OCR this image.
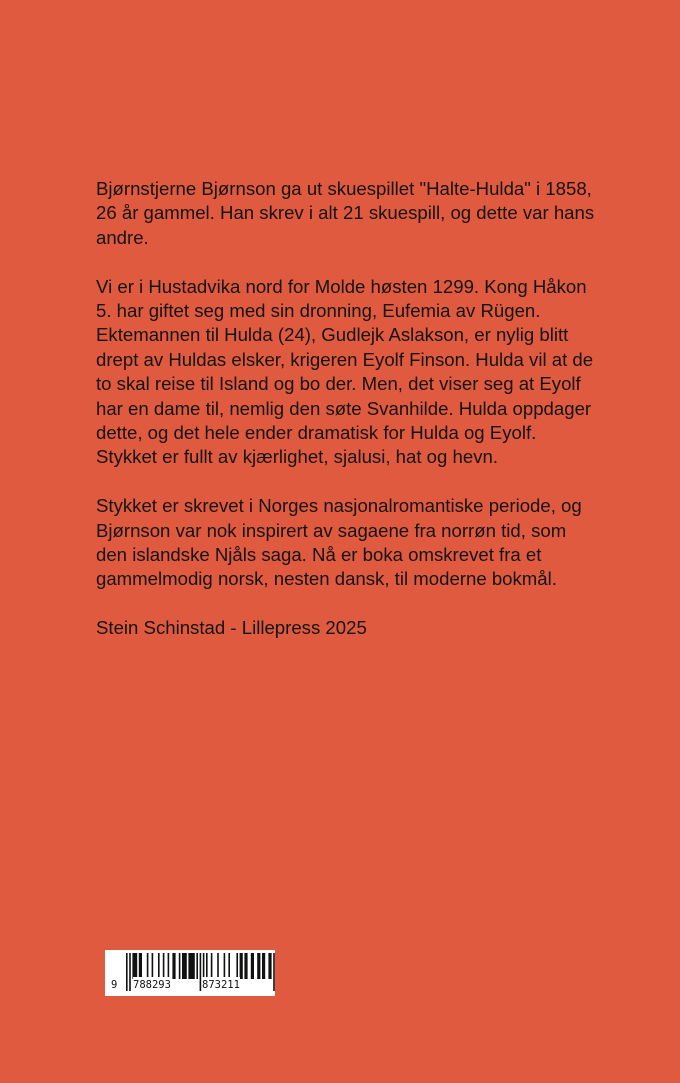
Bjørnstjerne Bjørnson ga ut skuespillet "Halte-Hulda" i 1858, 26 år gammel. Han skrev i alt 21 skuespill, og dette var hans andre.

Vi er i Hustadvika nord for Molde høsten 1299. Kong Håkon 5. har giftet seg med sin dronning, Eufemia av Rügen. Ektemannen til Hulda (24), Gudlejk Aslakson, er nylig blitt drept av Huldas elsker, krigeren Eyolf Finson. Hulda vil at de to skal reise til Island og bo der. Men, det viser seg at Eyolf har en dame til, nemlig den søte Svanhilde. Hulda oppdager dette, og det hele ender dramatisk for Hulda og Eyolf. Stykket er fullt av kjærlighet, sjalusi, hat og hevn.

Stykket er skrevet i Norges nasjonalromantiske periode, og Bjørnson var nok inspirert av sagaene fra norrøn tid, som den islandske Njåls saga. Nå er boka omskrevet fra et gammelmodig norsk, nesten dansk, til moderne bokmål.

Stein Schinstad - Lillepress 2025

9 788293	873211
